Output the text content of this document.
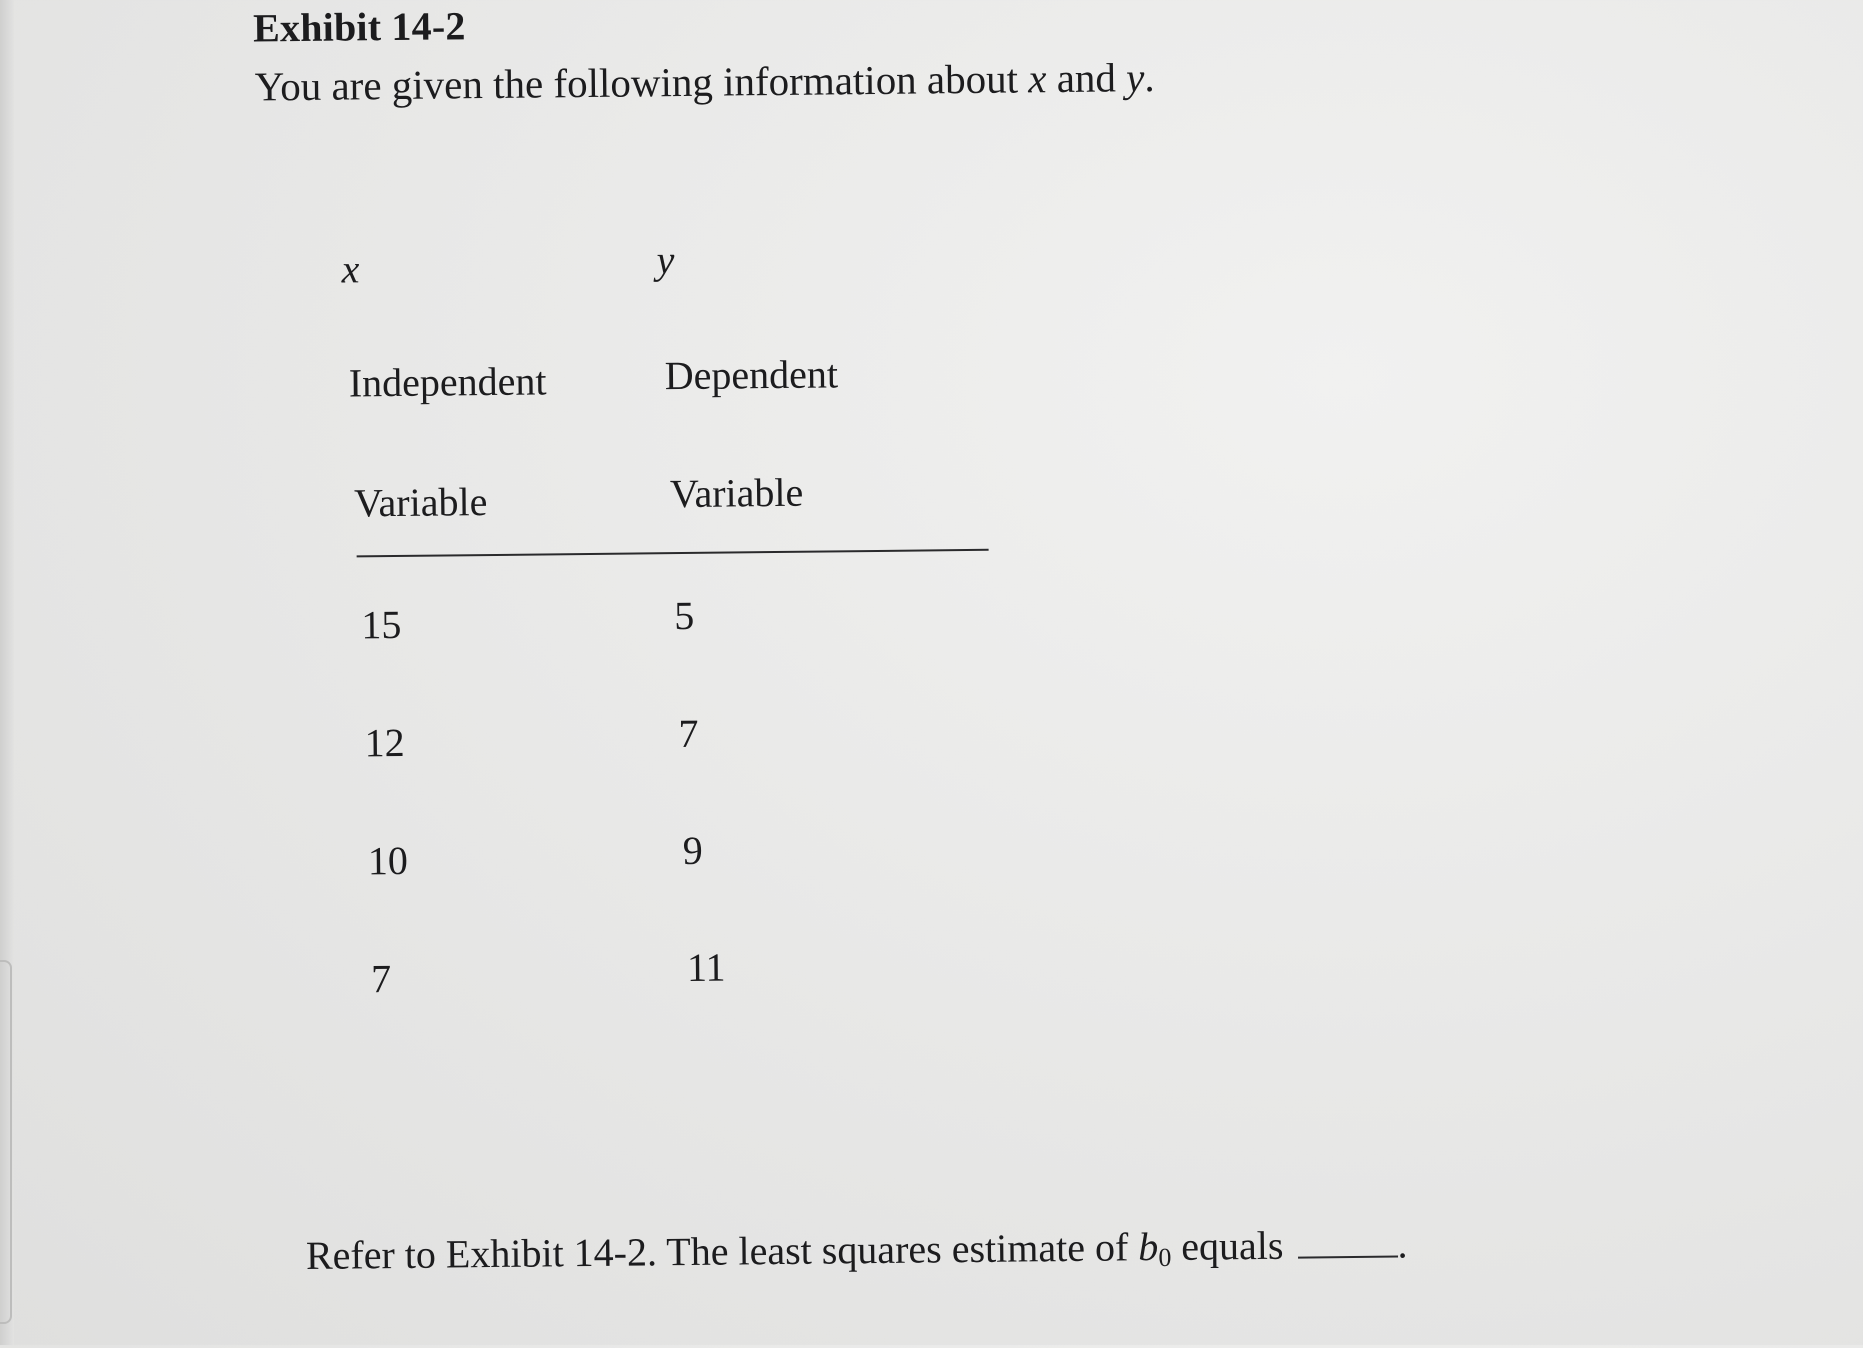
Exhibit 14-2
You are given the following information about x and y.
x	y
Independent	Dependent
Variable	Variable
15	5
12	7
10	9
7	11
Refer to Exhibit 14-2. The least squares estimate of $b_0$ equals	.
